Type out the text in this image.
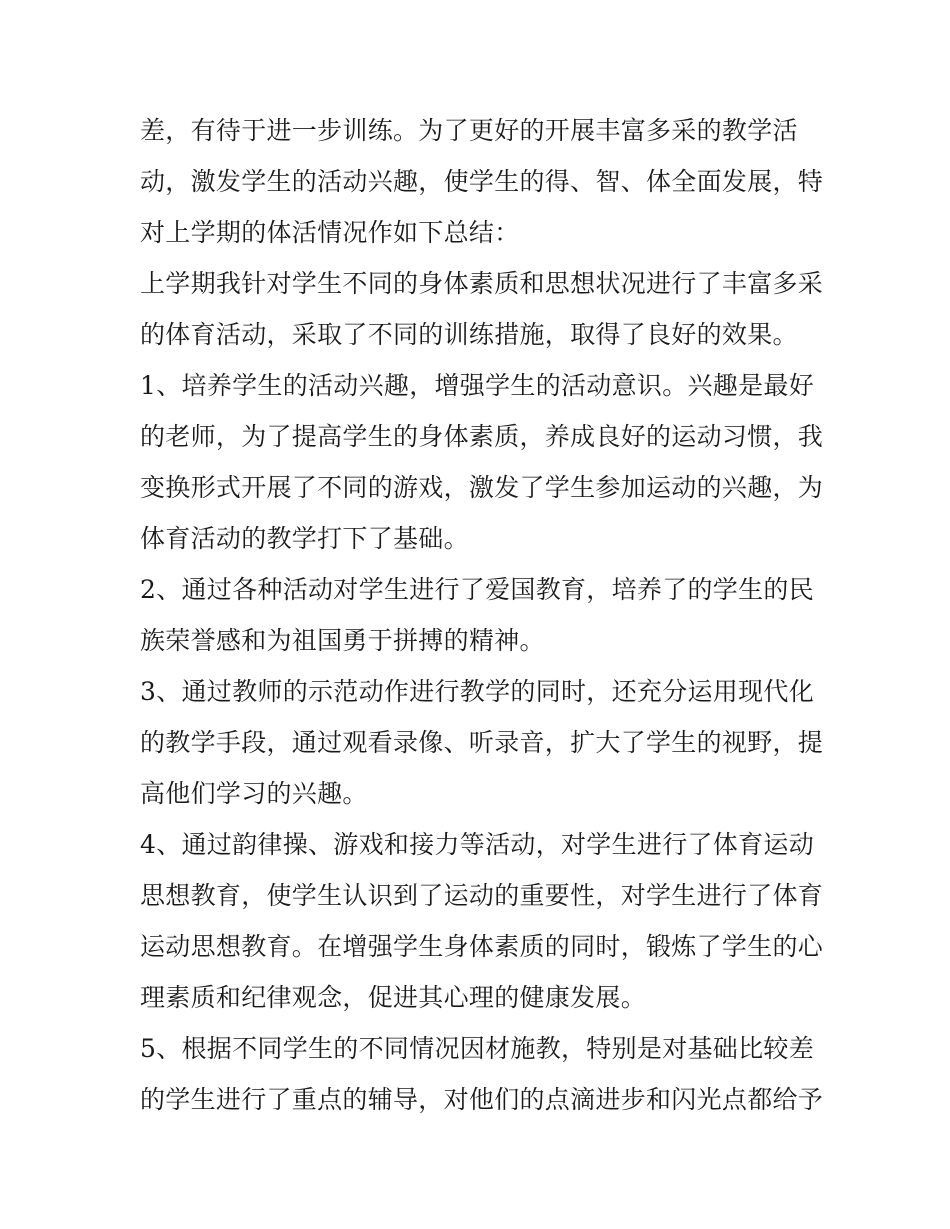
差，有待于进一步训练。为了更好的开展丰富多采的教学活
动，激发学生的活动兴趣，使学生的得、智、体全面发展，特
对上学期的体活情况作如下总结：
上学期我针对学生不同的身体素质和思想状况进行了丰富多采
的体育活动，采取了不同的训练措施，取得了良好的效果。
1、培养学生的活动兴趣，增强学生的活动意识。兴趣是最好
的老师，为了提高学生的身体素质，养成良好的运动习惯，我
变换形式开展了不同的游戏，激发了学生参加运动的兴趣，为
体育活动的教学打下了基础。
2、通过各种活动对学生进行了爱国教育，培养了的学生的民
族荣誉感和为祖国勇于拼搏的精神。
3、通过教师的示范动作进行教学的同时，还充分运用现代化
的教学手段，通过观看录像、听录音，扩大了学生的视野，提
高他们学习的兴趣。
4、通过韵律操、游戏和接力等活动，对学生进行了体育运动
思想教育，使学生认识到了运动的重要性，对学生进行了体育
运动思想教育。在增强学生身体素质的同时，锻炼了学生的心
理素质和纪律观念，促进其心理的健康发展。
5、根据不同学生的不同情况因材施教，特别是对基础比较差
的学生进行了重点的辅导，对他们的点滴进步和闪光点都给予
